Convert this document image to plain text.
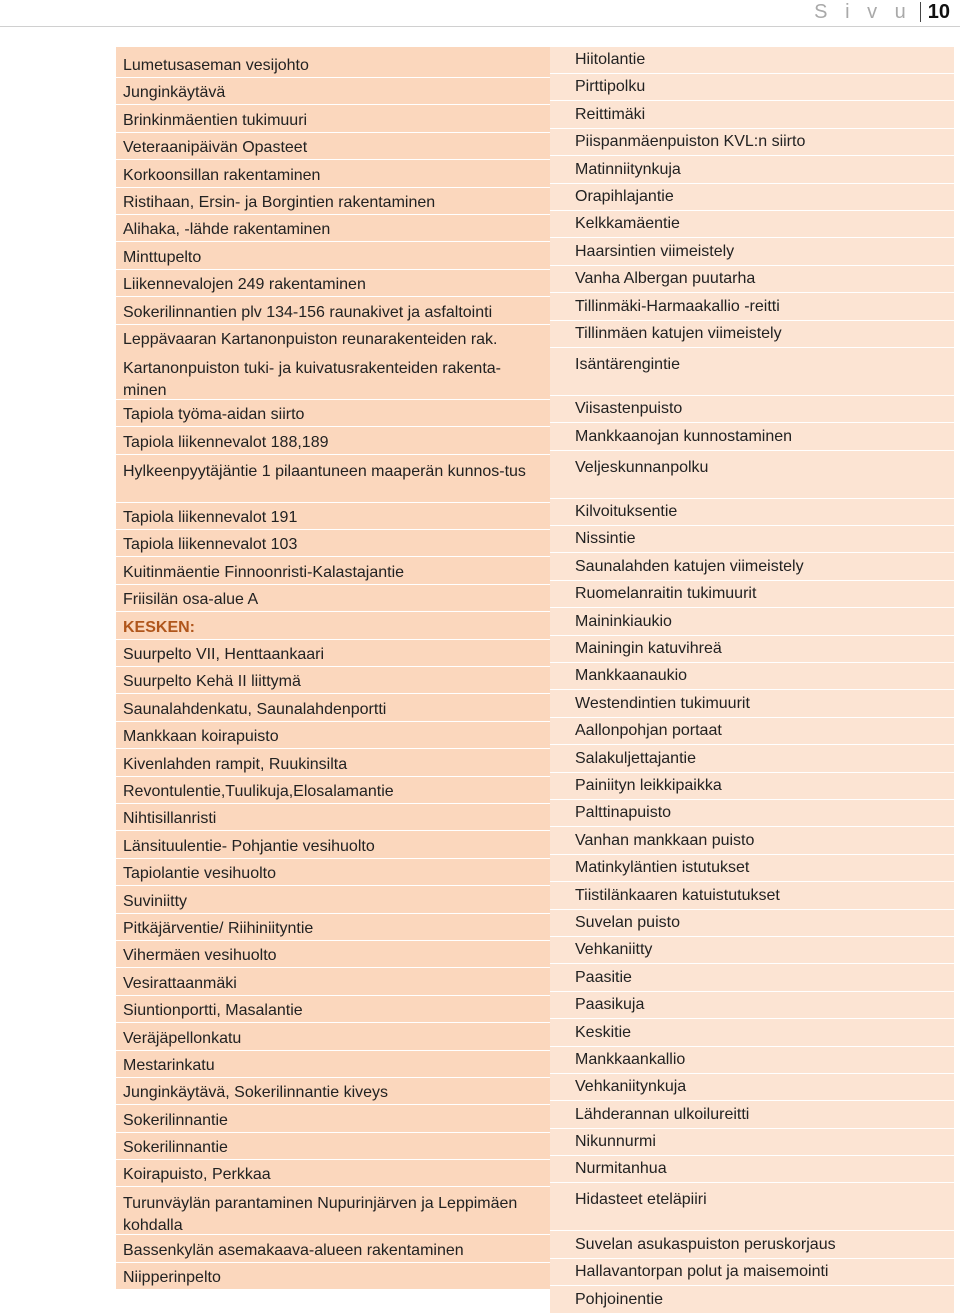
S i v u 10
Lumetusaseman vesijohto
Junginkäytävä
Brinkinmäentien tukimuuri
Veteraanipäivän Opasteet
Korkoonsillan rakentaminen
Ristihaan, Ersin- ja Borgintien rakentaminen
Alihaka, -lähde rakentaminen
Minttupelto
Liikennevalojen 249 rakentaminen
Sokerilinnantien plv 134-156 raunakivet ja asfaltointi
Leppävaaran Kartanonpuiston reunarakenteiden rak.
Kartanonpuiston tuki- ja kuivatusrakenteiden rakenta-minen
Tapiola työma-aidan siirto
Tapiola liikennevalot 188,189
Hylkeenpyytäjäntie 1 pilaantuneen maaperän kunnos-tus
Tapiola liikennevalot 191
Tapiola liikennevalot 103
Kuitinmäentie Finnoonristi-Kalastajantie
Friisilän osa-alue A
KESKEN:
Suurpelto VII, Henttaankaari
Suurpelto Kehä II liittymä
Saunalahdenkatu, Saunalahdenportti
Mankkaan koirapuisto
Kivenlahden rampit, Ruukinsilta
Revontulentie,Tuulikuja,Elosalamantie
Nihtisillanristi
Länsituulentie- Pohjantie vesihuolto
Tapiolantie vesihuolto
Suviniitty
Pitkäjärventie/ Riihiniityntie
Vihermäen vesihuolto
Vesirattaanmäki
Siuntionportti, Masalantie
Veräjäpellonkatu
Mestarinkatu
Junginkäytävä, Sokerilinnantie kiveys
Sokerilinnantie
Sokerilinnantie
Koirapuisto, Perkkaa
Turunväylän parantaminen Nupurinjärven ja Leppimäen kohdalla
Bassenkylän asemakaava-alueen rakentaminen
Niipperinpelto
Hiitolantie
Pirttipolku
Reittimäki
Piispanmäenpuiston KVL:n siirto
Matinniitynkuja
Orapihlajantie
Kelkkamäentie
Haarsintien viimeistely
Vanha Albergan puutarha
Tillinmäki-Harmaakallio -reitti
Tillinmäen katujen viimeistely
Isäntärengintie
Viisastenpuisto
Mankkaanojan kunnostaminen
Veljeskunnanpolku
Kilvoituksentie
Nissintie
Saunalahden katujen viimeistely
Ruomelanraitin tukimuurit
Maininkiaukio
Mainingin katuvihreä
Mankkaanaukio
Westendintien tukimuurit
Aallonpohjan portaat
Salakuljettajantie
Painiityn leikkipaikka
Palttinapuisto
Vanhan mankkaan puisto
Matinkyläntien istutukset
Tiistilänkaaren katuistutukset
Suvelan puisto
Vehkaniitty
Paasitie
Paasikuja
Keskitie
Mankkaankallio
Vehkaniitynkuja
Lähderannan ulkoilureitti
Nikunnurmi
Nurmitanhua
Hidasteet eteläpiiri
Suvelan asukaspuiston peruskorjaus
Hallavantorpan polut ja maisemointi
Pohjoinentie
